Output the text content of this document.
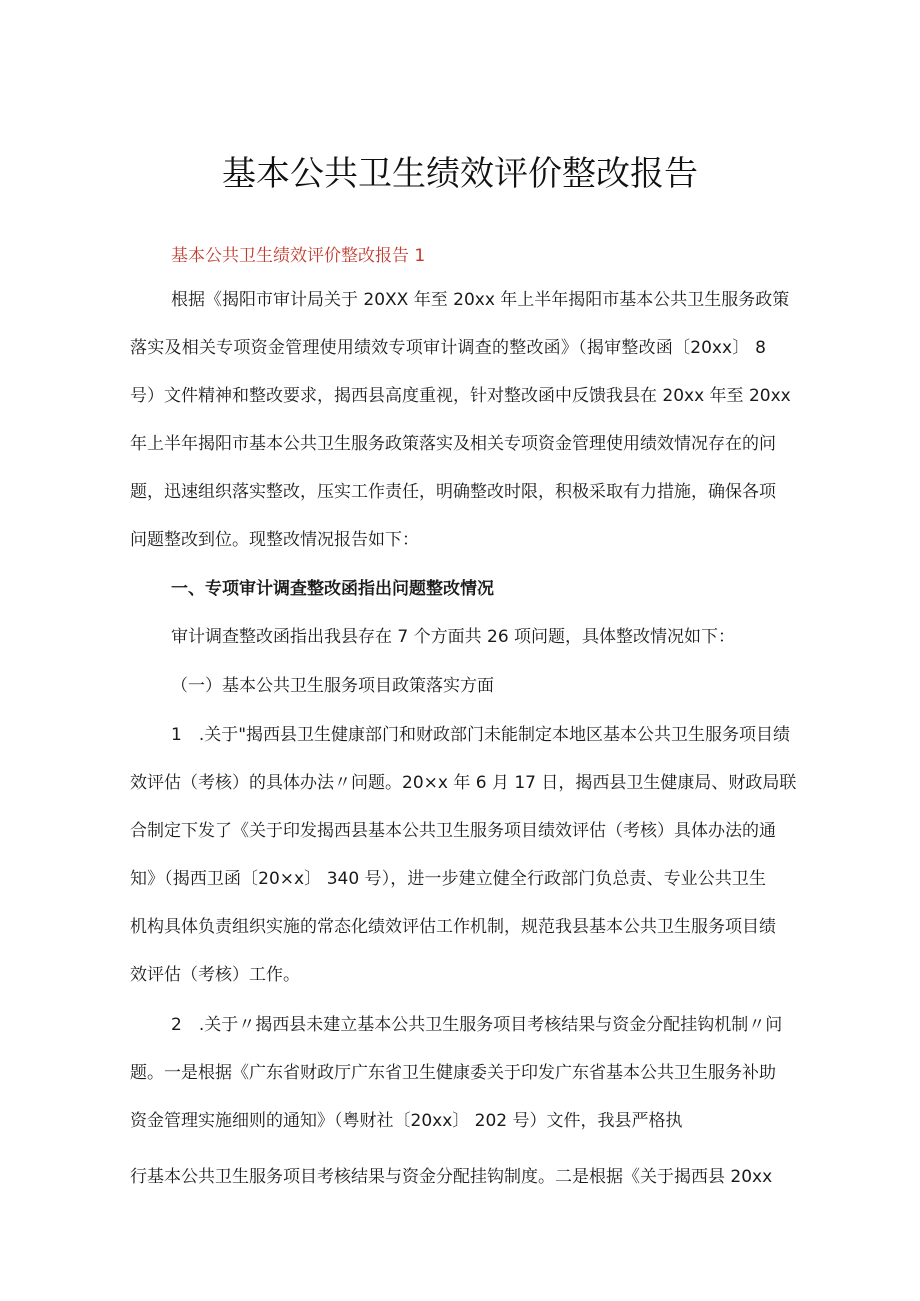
基本公共卫生绩效评价整改报告
基本公共卫生绩效评价整改报告 1
根据《揭阳市审计局关于 20XX 年至 20xx 年上半年揭阳市基本公共卫生服务政策
落实及相关专项资金管理使用绩效专项审计调查的整改函》（揭审整改函〔20xx〕 8
号）文件精神和整改要求，揭西县高度重视，针对整改函中反馈我县在 20xx 年至 20xx
年上半年揭阳市基本公共卫生服务政策落实及相关专项资金管理使用绩效情况存在的问
题，迅速组织落实整改，压实工作责任，明确整改时限，积极采取有力措施，确保各项
问题整改到位。现整改情况报告如下：
一、专项审计调查整改函指出问题整改情况
审计调查整改函指出我县存在 7 个方面共 26 项问题，具体整改情况如下：
（一）基本公共卫生服务项目政策落实方面
1　.关于"揭西县卫生健康部门和财政部门未能制定本地区基本公共卫生服务项目绩
效评估（考核）的具体办法〃问题。20×x 年 6 月 17 日，揭西县卫生健康局、财政局联
合制定下发了《关于印发揭西县基本公共卫生服务项目绩效评估（考核）具体办法的通
知》（揭西卫函〔20×x〕 340 号），进一步建立健全行政部门负总责、专业公共卫生
机构具体负责组织实施的常态化绩效评估工作机制，规范我县基本公共卫生服务项目绩
效评估（考核）工作。
2　.关于〃揭西县未建立基本公共卫生服务项目考核结果与资金分配挂钩机制〃问
题。一是根据《广东省财政厅广东省卫生健康委关于印发广东省基本公共卫生服务补助
资金管理实施细则的通知》（粤财社〔20xx〕 202 号）文件，我县严格执
行基本公共卫生服务项目考核结果与资金分配挂钩制度。二是根据《关于揭西县 20xx
